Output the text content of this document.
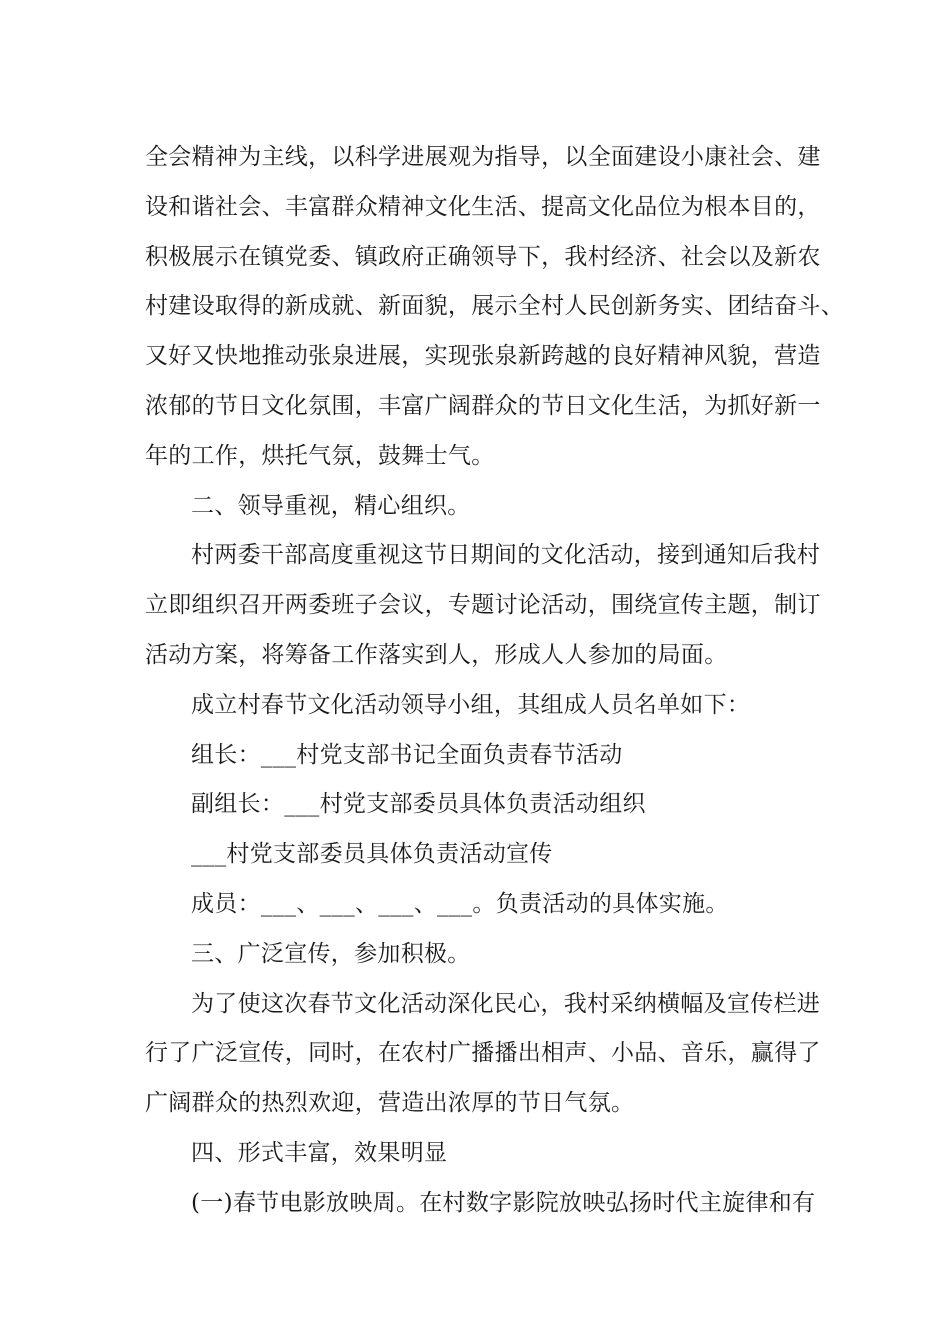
全会精神为主线，以科学进展观为指导，以全面建设小康社会、建
设和谐社会、丰富群众精神文化生活、提高文化品位为根本目的，
积极展示在镇党委、镇政府正确领导下，我村经济、社会以及新农
村建设取得的新成就、新面貌，展示全村人民创新务实、团结奋斗、
又好又快地推动张泉进展，实现张泉新跨越的良好精神风貌，营造
浓郁的节日文化氛围，丰富广阔群众的节日文化生活，为抓好新一
年的工作，烘托气氛，鼓舞士气。
二、领导重视，精心组织。
村两委干部高度重视这节日期间的文化活动，接到通知后我村
立即组织召开两委班子会议，专题讨论活动，围绕宣传主题，制订
活动方案，将筹备工作落实到人，形成人人参加的局面。
成立村春节文化活动领导小组，其组成人员名单如下：
组长：___村党支部书记全面负责春节活动
副组长：___村党支部委员具体负责活动组织
___村党支部委员具体负责活动宣传
成员：___、___、___、___。负责活动的具体实施。
三、广泛宣传，参加积极。
为了使这次春节文化活动深化民心，我村采纳横幅及宣传栏进
行了广泛宣传，同时，在农村广播播出相声、小品、音乐，赢得了
广阔群众的热烈欢迎，营造出浓厚的节日气氛。
四、形式丰富，效果明显
(一)春节电影放映周。在村数字影院放映弘扬时代主旋律和有
